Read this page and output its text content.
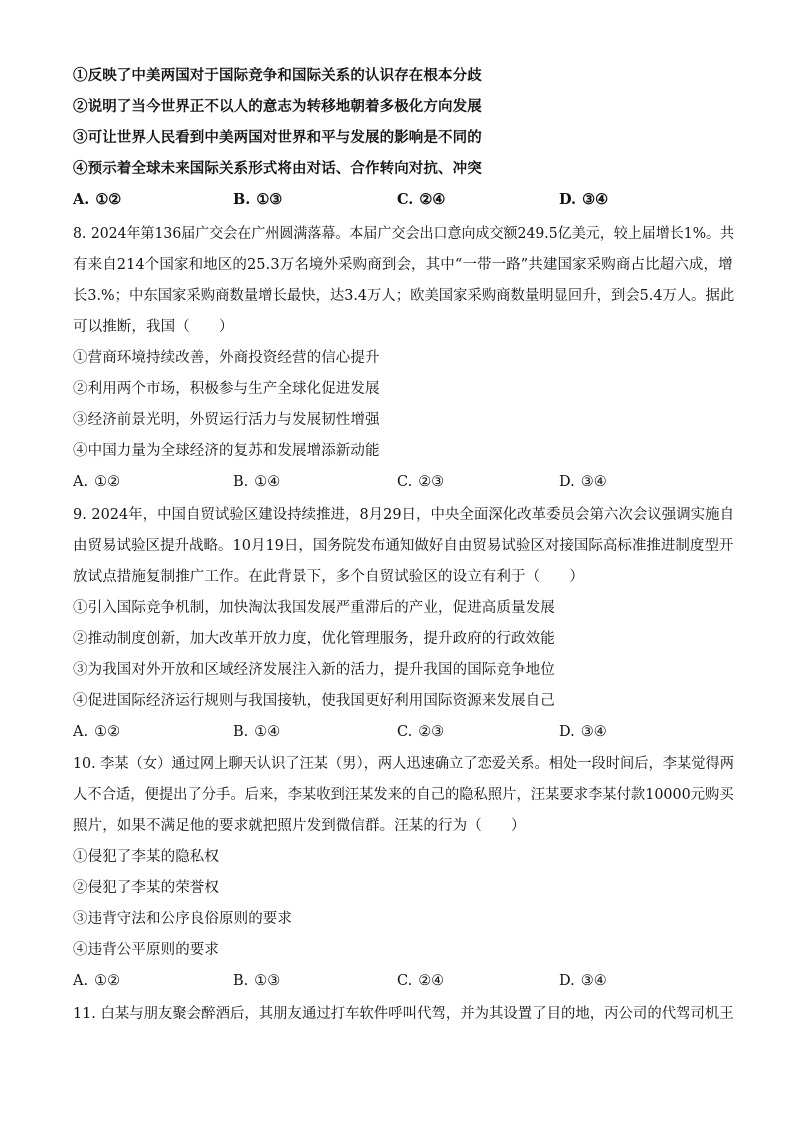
①反映了中美两国对于国际竞争和国际关系的认识存在根本分歧
②说明了当今世界正不以人的意志为转移地朝着多极化方向发展
③可让世界人民看到中美两国对世界和平与发展的影响是不同的
④预示着全球未来国际关系形式将由对话、合作转向对抗、冲突
A. ①②	B. ①③	C. ②④	D. ③④
8. 2024年第136届广交会在广州圆满落幕。本届广交会出口意向成交额249.5亿美元，较上届增长1%。共
有来自214个国家和地区的25.3万名境外采购商到会，其中“一带一路”共建国家采购商占比超六成，增
长3.%；中东国家采购商数量增长最快，达3.4万人；欧美国家采购商数量明显回升，到会5.4万人。据此
可以推断，我国（　　）
①营商环境持续改善，外商投资经营的信心提升
②利用两个市场，积极参与生产全球化促进发展
③经济前景光明，外贸运行活力与发展韧性增强
④中国力量为全球经济的复苏和发展增添新动能
A. ①②	B. ①④	C. ②③	D. ③④
9. 2024年，中国自贸试验区建设持续推进，8月29日，中央全面深化改革委员会第六次会议强调实施自
由贸易试验区提升战略。10月19日，国务院发布通知做好自由贸易试验区对接国际高标准推进制度型开
放试点措施复制推广工作。在此背景下，多个自贸试验区的设立有利于（　　）
①引入国际竞争机制，加快淘汰我国发展严重滞后的产业，促进高质量发展
②推动制度创新，加大改革开放力度，优化管理服务，提升政府的行政效能
③为我国对外开放和区域经济发展注入新的活力，提升我国的国际竞争地位
④促进国际经济运行规则与我国接轨，使我国更好利用国际资源来发展自己
A. ①②	B. ①④	C. ②③	D. ③④
10. 李某（女）通过网上聊天认识了汪某（男），两人迅速确立了恋爱关系。相处一段时间后，李某觉得两
人不合适，便提出了分手。后来，李某收到汪某发来的自己的隐私照片，汪某要求李某付款10000元购买
照片，如果不满足他的要求就把照片发到微信群。汪某的行为（　　）
①侵犯了李某的隐私权
②侵犯了李某的荣誉权
③违背守法和公序良俗原则的要求
④违背公平原则的要求
A. ①②	B. ①③	C. ②④	D. ③④
11. 白某与朋友聚会醉酒后，其朋友通过打车软件呼叫代驾，并为其设置了目的地，丙公司的代驾司机王
